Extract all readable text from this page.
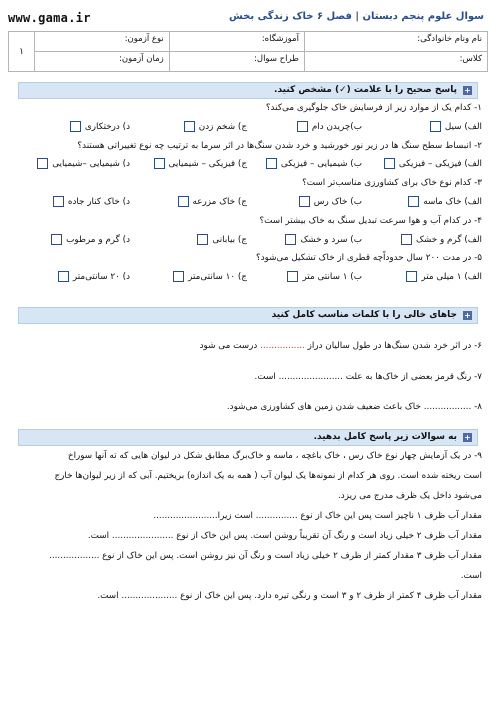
www.gama.ir	سوال علوم پنجم دبستان | فصل ۶ خاک زندگی بخش
نام ونام خانوادگی:	آموزشگاه:	نوع آزمون:	۱
کلاس:	طراح سوال:	زمان آزمون:	
+
پاسخ صحیح را با علامت (✓) مشخص کنید.
۱- کدام یک از موارد زیر از فرسایش خاک جلوگیری می‌کند؟
الف) سیل
ب)چریدن دام
ج) شخم زدن
د) درختکاری
۲- انبساط سطح سنگ ها در زیر نور خورشید و خرد شدن سنگ‌ها در اثر سرما به ترتیب چه نوع تغییراتی هستند؟
الف) فیزیکی – فیزیکی
ب) شیمیایی – فیزیکی
ج) فیزیکی – شیمیایی
د) شیمیایی –شیمیایی
۳- کدام نوع خاک برای کشاورزی مناسب‌تر است؟
الف) خاک ماسه
ب) خاک رس
ج) خاک مزرعه
د) خاک کنار جاده
۴- در کدام آب و هوا سرعت تبدیل سنگ به خاک بیشتر است؟
الف) گرم و خشک
ب) سرد و خشک
ج) بیابانی
د) گرم و مرطوب
۵- در مدت ۲۰۰ سال حدوداًچه قطری از خاک تشکیل می‌شود؟
الف) ۱ میلی متر
ب) ۱ سانتی متر
ج) ۱۰ سانتی‌متر
د) ۲۰ سانتی‌متر
+
جاهای خالی را با کلمات مناسب کامل کنید
۶- در اثر خرد شدن سنگ‌ها در طول سالیان دراز ................ درست می شود
۷- رنگ قرمز بعضی از خاک‌ها به علت ....................... است.
۸- ................. خاک باعث ضعیف شدن زمین های کشاورزی می‌شود.
+
به سوالات زیر پاسخ کامل بدهید.
۹- در یک آزمایش چهار نوع خاک رس ، خاک باغچه ، ماسه و خاک‌برگ مطابق شکل در لیوان هایی که ته آنها سوراخ
است ریخته شده است. روی هر کدام از نمونه‌ها یک لیوان آب ( همه به یک اندازه) بریختیم. آبی که از زیر لیوان‌ها خارج
می‌شود داخل یک ظرف مدرج می ریزد.
مقدار آب ظرف ۱ ناچیز است پس این خاک از نوع ............... است زیرا.......................
مقدار آب ظرف ۲ خیلی زیاد است و رنگ آن تقریباً روشن است. پس این خاک از نوع ...................... است.
مقدار آب ظرف ۳ مقدار کمتر از ظرف ۲ خیلی زیاد است و رنگ آن نیز روشن است. پس این خاک از نوع ..................
است.
مقدار آب ظرف ۴ کمتر از ظرف ۲ و ۳ است و رنگی تیره دارد. پس این خاک از نوع .................... است.
